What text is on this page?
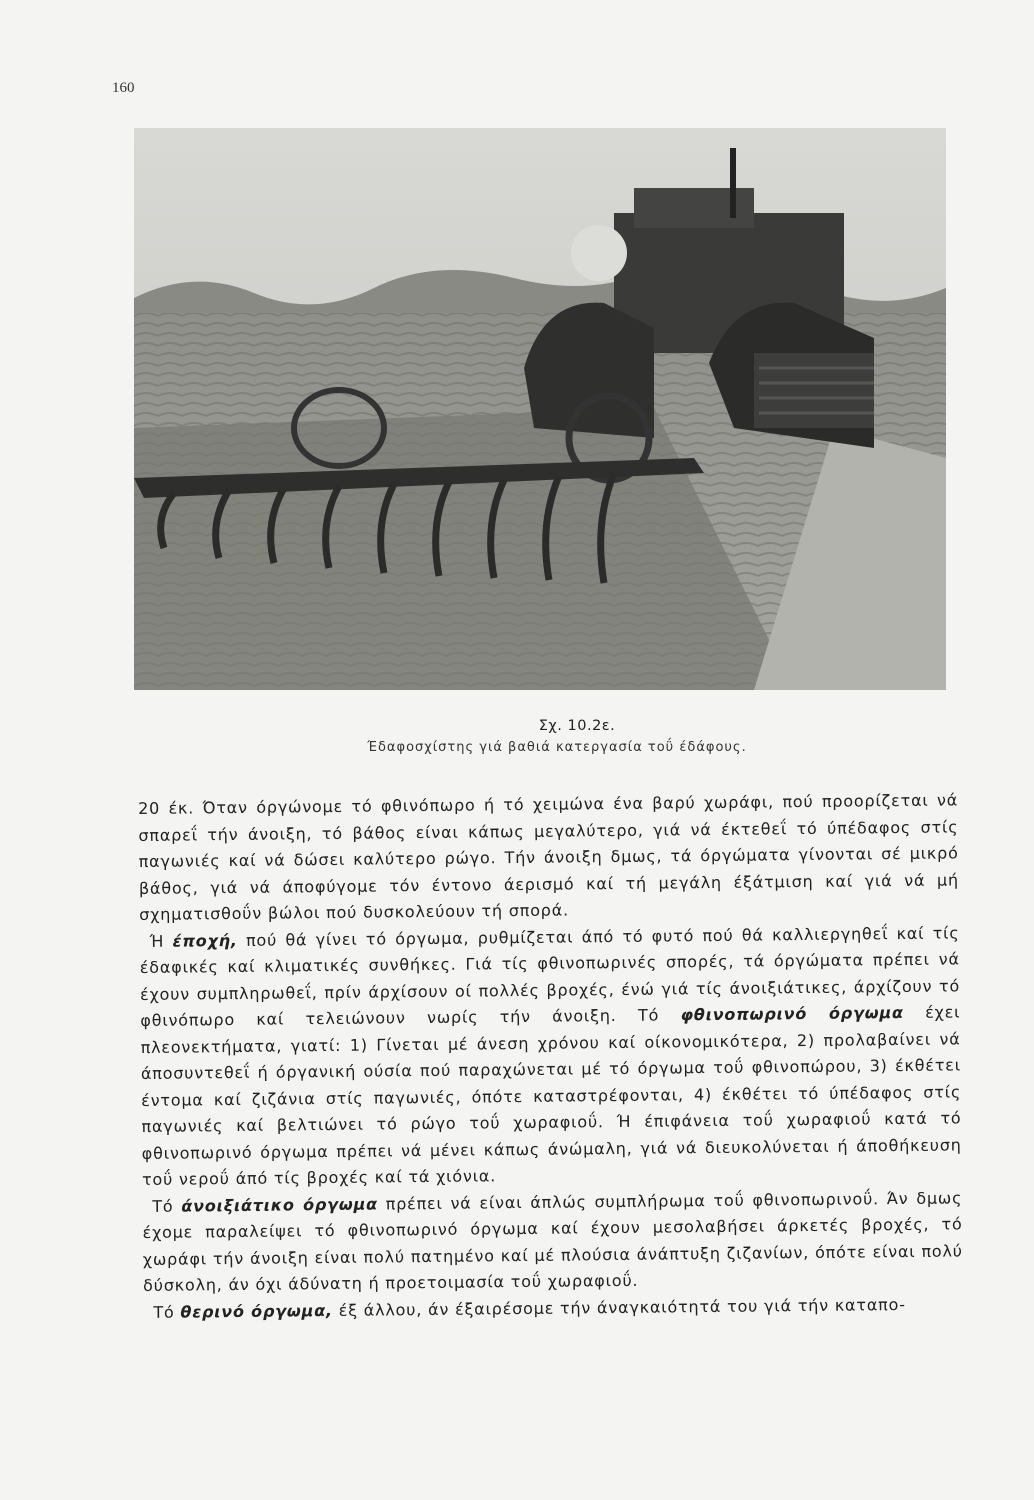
160
Σχ. 10.2ε.
Έδαφοσχίστης γιά βαθιά κατεργασία τοΰ έδάφους.

20 έκ. Όταν όργώνομε τό φθινόπωρο ή τό χειμώνα ένα βαρύ χωράφι, πού προορίζεται νά σπαρεΐ τήν άνοιξη, τό βάθος είναι κάπως μεγαλύτερο, γιά νά έκτεθεΐ τό ύπέδαφος στίς παγωνιές καί νά δώσει καλύτερο ρώγο. Τήν άνοιξη δμως, τά όργώματα γίνονται σέ μικρό βάθος, γιά νά άποφύγομε τόν έντονο άερισμό καί τή μεγάλη έξάτμιση καί γιά νά μή σχηματισθοΰν βώλοι πού δυσκολεύουν τή σπορά.

Ή έποχή, πού θά γίνει τό όργωμα, ρυθμίζεται άπό τό φυτό πού θά καλλιεργηθεΐ καί τίς έδαφικές καί κλιματικές συνθήκες. Γιά τίς φθινοπωρινές σπορές, τά όργώματα πρέπει νά έχουν συμπληρωθεΐ, πρίν άρχίσουν οί πολλές βροχές, ένώ γιά τίς άνοιξιάτικες, άρχίζουν τό φθινόπωρο καί τελειώνουν νωρίς τήν άνοιξη. Τό φθινοπωρινό όργωμα έχει πλεονεκτήματα, γιατί: 1) Γίνεται μέ άνεση χρόνου καί οίκονομικότερα, 2) προλαβαίνει νά άποσυντεθεΐ ή όργανική ούσία πού παραχώνεται μέ τό όργωμα τοΰ φθινοπώρου, 3) έκθέτει έντομα καί ζιζάνια στίς παγωνιές, όπότε καταστρέφονται, 4) έκθέτει τό ύπέδαφος στίς παγωνιές καί βελτιώνει τό ρώγο τοΰ χωραφιοΰ. Ή έπιφάνεια τοΰ χωραφιοΰ κατά τό φθινοπωρινό όργωμα πρέπει νά μένει κάπως άνώμαλη, γιά νά διευκολύνεται ή άποθήκευση τοΰ νεροΰ άπό τίς βροχές καί τά χιόνια.

Τό άνοιξιάτικο όργωμα πρέπει νά είναι άπλώς συμπλήρωμα τοΰ φθινοπωρινοΰ. Άν δμως έχομε παραλείψει τό φθινοπωρινό όργωμα καί έχουν μεσολαβήσει άρκετές βροχές, τό χωράφι τήν άνοιξη είναι πολύ πατημένο καί μέ πλούσια άνάπτυξη ζιζανίων, όπότε είναι πολύ δύσκολη, άν όχι άδύνατη ή προετοιμασία τοΰ χωραφιοΰ.

Τό θερινό όργωμα, έξ άλλου, άν έξαιρέσομε τήν άναγκαιότητά του γιά τήν καταπο-
